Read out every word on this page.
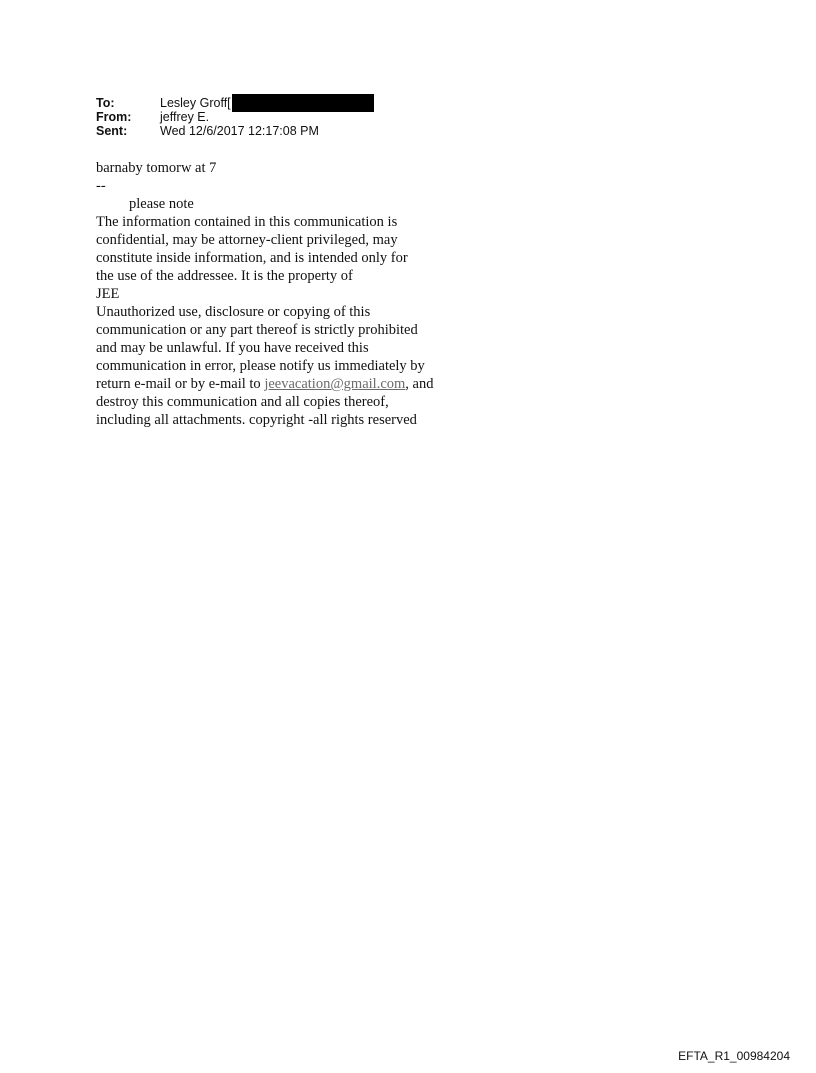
To:	Lesley Groff [
From:	jeffrey E.
Sent:	Wed 12/6/2017 12:17:08 PM

barnaby tomorw at 7

--

please note

The information contained in this communication is

confidential, may be attorney-client privileged, may

constitute inside information, and is intended only for

the use of the addressee. It is the property of

JEE

Unauthorized use, disclosure or copying of this

communication or any part thereof is strictly prohibited

and may be unlawful. If you have received this

communication in error, please notify us immediately by

return e-mail or by e-mail to jeevacation@gmail.com, and

destroy this communication and all copies thereof,

including all attachments. copyright -all rights reserved

EFTA_R1_00984204
